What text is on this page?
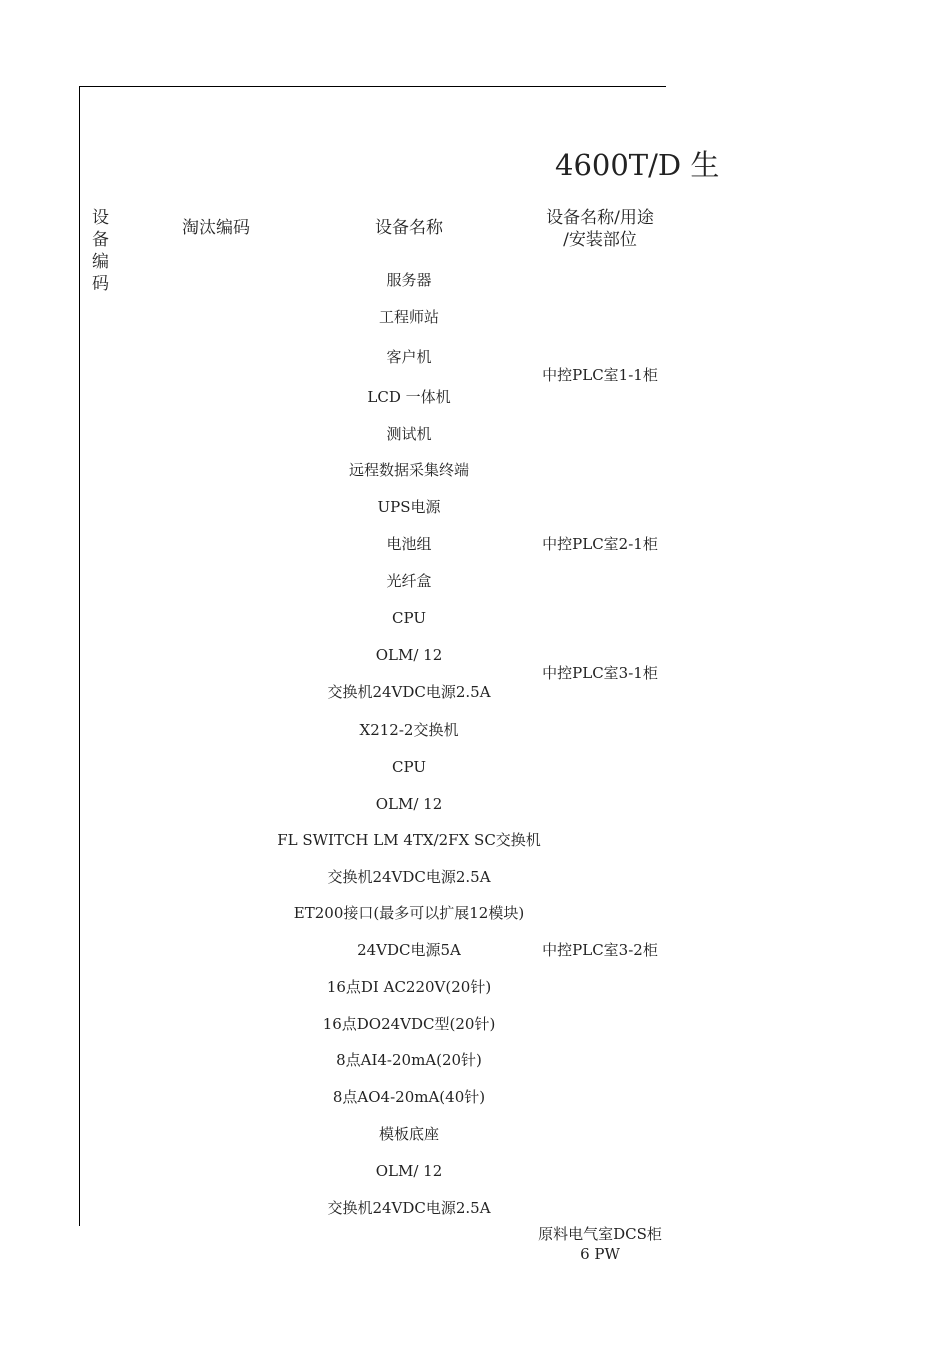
4600T/D 生
设备
编码
淘汰编码	设备名称	设备名称/用途
/安装部位
服务器
工程师站
客户机
LCD 一体机
测试机
远程数据采集终端
UPS电源
电池组
光纤盒
CPU
OLM/ 12
交换机24VDC电源2.5A
X212-2交换机
CPU
OLM/ 12
FL SWITCH LM 4TX/2FX SC交换机
交换机24VDC电源2.5A
ET200接口(最多可以扩展12模块)
24VDC电源5A
16点DI AC220V(20针)
16点DO24VDC型(20针)
8点AI4-20mA(20针)
8点AO4-20mA(40针)
模板底座
OLM/ 12
交换机24VDC电源2.5A
中控PLC室1-1柜
中控PLC室2-1柜
中控PLC室3-1柜
中控PLC室3-2柜
原料电气室DCS柜
6 PW
